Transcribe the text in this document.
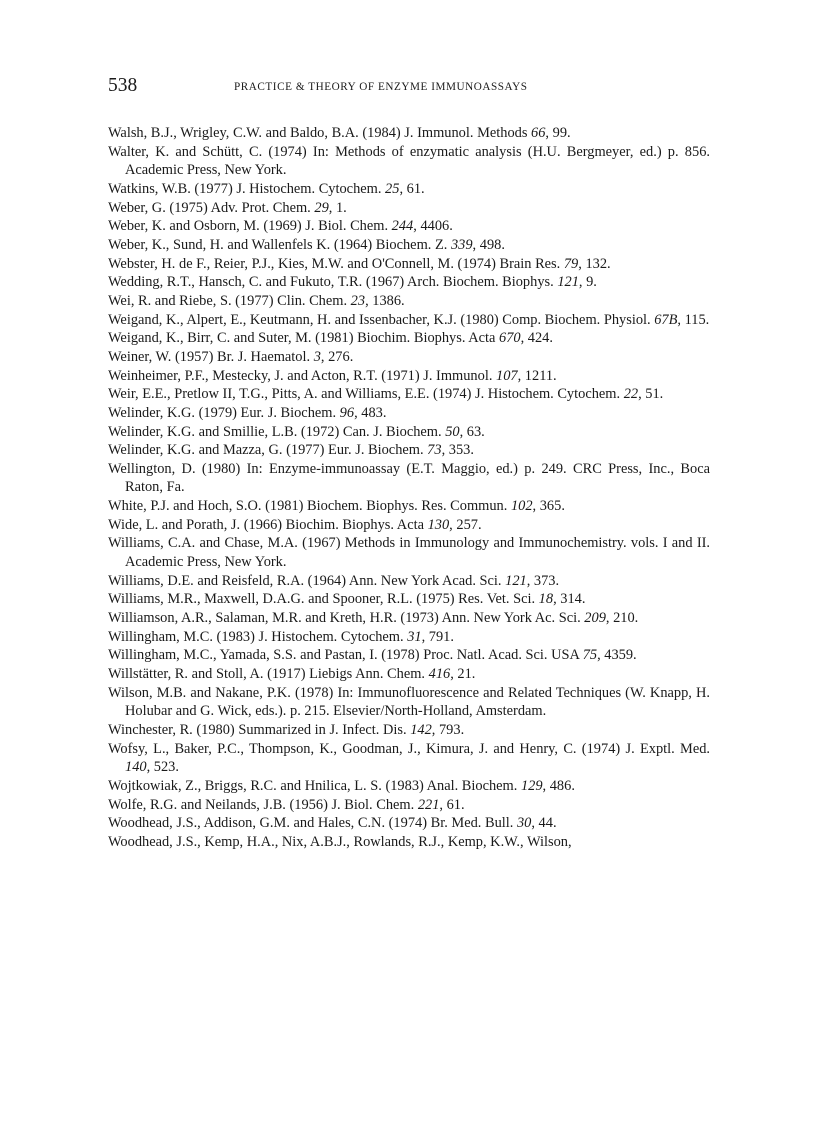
538	PRACTICE & THEORY OF ENZYME IMMUNOASSAYS
Walsh, B.J., Wrigley, C.W. and Baldo, B.A. (1984) J. Immunol. Methods 66, 99.
Walter, K. and Schütt, C. (1974) In: Methods of enzymatic analysis (H.U. Bergmeyer, ed.) p. 856. Academic Press, New York.
Watkins, W.B. (1977) J. Histochem. Cytochem. 25, 61.
Weber, G. (1975) Adv. Prot. Chem. 29, 1.
Weber, K. and Osborn, M. (1969) J. Biol. Chem. 244, 4406.
Weber, K., Sund, H. and Wallenfels K. (1964) Biochem. Z. 339, 498.
Webster, H. de F., Reier, P.J., Kies, M.W. and O'Connell, M. (1974) Brain Res. 79, 132.
Wedding, R.T., Hansch, C. and Fukuto, T.R. (1967) Arch. Biochem. Biophys. 121, 9.
Wei, R. and Riebe, S. (1977) Clin. Chem. 23, 1386.
Weigand, K., Alpert, E., Keutmann, H. and Issenbacher, K.J. (1980) Comp. Biochem. Physiol. 67B, 115.
Weigand, K., Birr, C. and Suter, M. (1981) Biochim. Biophys. Acta 670, 424.
Weiner, W. (1957) Br. J. Haematol. 3, 276.
Weinheimer, P.F., Mestecky, J. and Acton, R.T. (1971) J. Immunol. 107, 1211.
Weir, E.E., Pretlow II, T.G., Pitts, A. and Williams, E.E. (1974) J. Histochem. Cytochem. 22, 51.
Welinder, K.G. (1979) Eur. J. Biochem. 96, 483.
Welinder, K.G. and Smillie, L.B. (1972) Can. J. Biochem. 50, 63.
Welinder, K.G. and Mazza, G. (1977) Eur. J. Biochem. 73, 353.
Wellington, D. (1980) In: Enzyme-immunoassay (E.T. Maggio, ed.) p. 249. CRC Press, Inc., Boca Raton, Fa.
White, P.J. and Hoch, S.O. (1981) Biochem. Biophys. Res. Commun. 102, 365.
Wide, L. and Porath, J. (1966) Biochim. Biophys. Acta 130, 257.
Williams, C.A. and Chase, M.A. (1967) Methods in Immunology and Immunochemistry. vols. I and II. Academic Press, New York.
Williams, D.E. and Reisfeld, R.A. (1964) Ann. New York Acad. Sci. 121, 373.
Williams, M.R., Maxwell, D.A.G. and Spooner, R.L. (1975) Res. Vet. Sci. 18, 314.
Williamson, A.R., Salaman, M.R. and Kreth, H.R. (1973) Ann. New York Ac. Sci. 209, 210.
Willingham, M.C. (1983) J. Histochem. Cytochem. 31, 791.
Willingham, M.C., Yamada, S.S. and Pastan, I. (1978) Proc. Natl. Acad. Sci. USA 75, 4359.
Willstätter, R. and Stoll, A. (1917) Liebigs Ann. Chem. 416, 21.
Wilson, M.B. and Nakane, P.K. (1978) In: Immunofluorescence and Related Techniques (W. Knapp, H. Holubar and G. Wick, eds.). p. 215. Elsevier/North-Holland, Amsterdam.
Winchester, R. (1980) Summarized in J. Infect. Dis. 142, 793.
Wofsy, L., Baker, P.C., Thompson, K., Goodman, J., Kimura, J. and Henry, C. (1974) J. Exptl. Med. 140, 523.
Wojtkowiak, Z., Briggs, R.C. and Hnilica, L. S. (1983) Anal. Biochem. 129, 486.
Wolfe, R.G. and Neilands, J.B. (1956) J. Biol. Chem. 221, 61.
Woodhead, J.S., Addison, G.M. and Hales, C.N. (1974) Br. Med. Bull. 30, 44.
Woodhead, J.S., Kemp, H.A., Nix, A.B.J., Rowlands, R.J., Kemp, K.W., Wilson,
